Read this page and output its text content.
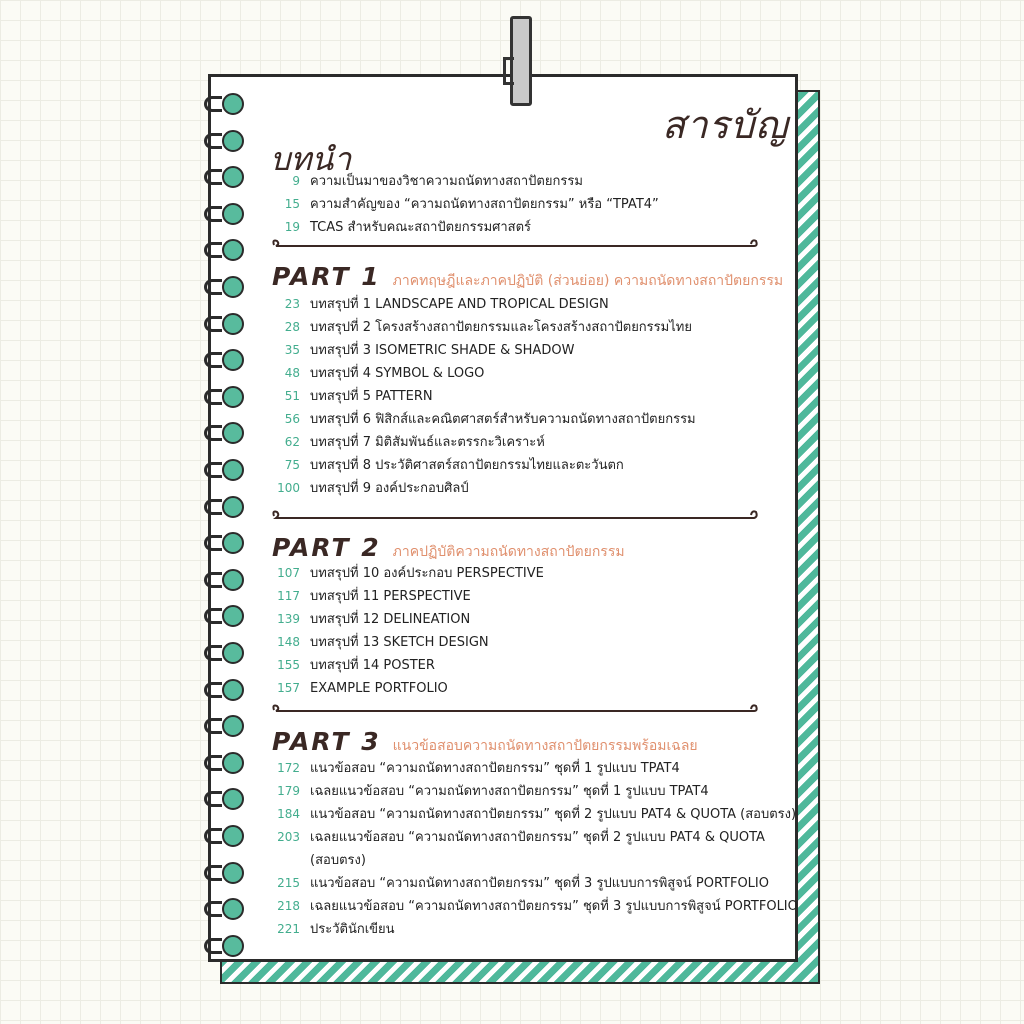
สารบัญ
บทนำ
9 ความเป็นมาของวิชาความถนัดทางสถาปัตยกรรม
15 ความสำคัญของ “ความถนัดทางสถาปัตยกรรม” หรือ “TPAT4”
19 TCAS สำหรับคณะสถาปัตยกรรมศาสตร์
PART 1 ภาคทฤษฎีและภาคปฏิบัติ (ส่วนย่อย) ความถนัดทางสถาปัตยกรรม
23 บทสรุปที่ 1 LANDSCAPE AND TROPICAL DESIGN
28 บทสรุปที่ 2 โครงสร้างสถาปัตยกรรมและโครงสร้างสถาปัตยกรรมไทย
35 บทสรุปที่ 3 ISOMETRIC SHADE & SHADOW
48 บทสรุปที่ 4 SYMBOL & LOGO
51 บทสรุปที่ 5 PATTERN
56 บทสรุปที่ 6 ฟิสิกส์และคณิตศาสตร์สำหรับความถนัดทางสถาปัตยกรรม
62 บทสรุปที่ 7 มิติสัมพันธ์และตรรกะวิเคราะห์
75 บทสรุปที่ 8 ประวัติศาสตร์สถาปัตยกรรมไทยและตะวันตก
100 บทสรุปที่ 9 องค์ประกอบศิลป์
PART 2 ภาคปฏิบัติความถนัดทางสถาปัตยกรรม
107 บทสรุปที่ 10 องค์ประกอบ PERSPECTIVE
117 บทสรุปที่ 11 PERSPECTIVE
139 บทสรุปที่ 12 DELINEATION
148 บทสรุปที่ 13 SKETCH DESIGN
155 บทสรุปที่ 14 POSTER
157 EXAMPLE PORTFOLIO
PART 3 แนวข้อสอบความถนัดทางสถาปัตยกรรมพร้อมเฉลย
172 แนวข้อสอบ “ความถนัดทางสถาปัตยกรรม” ชุดที่ 1 รูปแบบ TPAT4
179 เฉลยแนวข้อสอบ “ความถนัดทางสถาปัตยกรรม” ชุดที่ 1 รูปแบบ TPAT4
184 แนวข้อสอบ “ความถนัดทางสถาปัตยกรรม” ชุดที่ 2 รูปแบบ PAT4 & QUOTA (สอบตรง)
203 เฉลยแนวข้อสอบ “ความถนัดทางสถาปัตยกรรม” ชุดที่ 2 รูปแบบ PAT4 & QUOTA (สอบตรง)
215 แนวข้อสอบ “ความถนัดทางสถาปัตยกรรม” ชุดที่ 3 รูปแบบการพิสูจน์ PORTFOLIO
218 เฉลยแนวข้อสอบ “ความถนัดทางสถาปัตยกรรม” ชุดที่ 3 รูปแบบการพิสูจน์ PORTFOLIO
221 ประวัตินักเขียน
